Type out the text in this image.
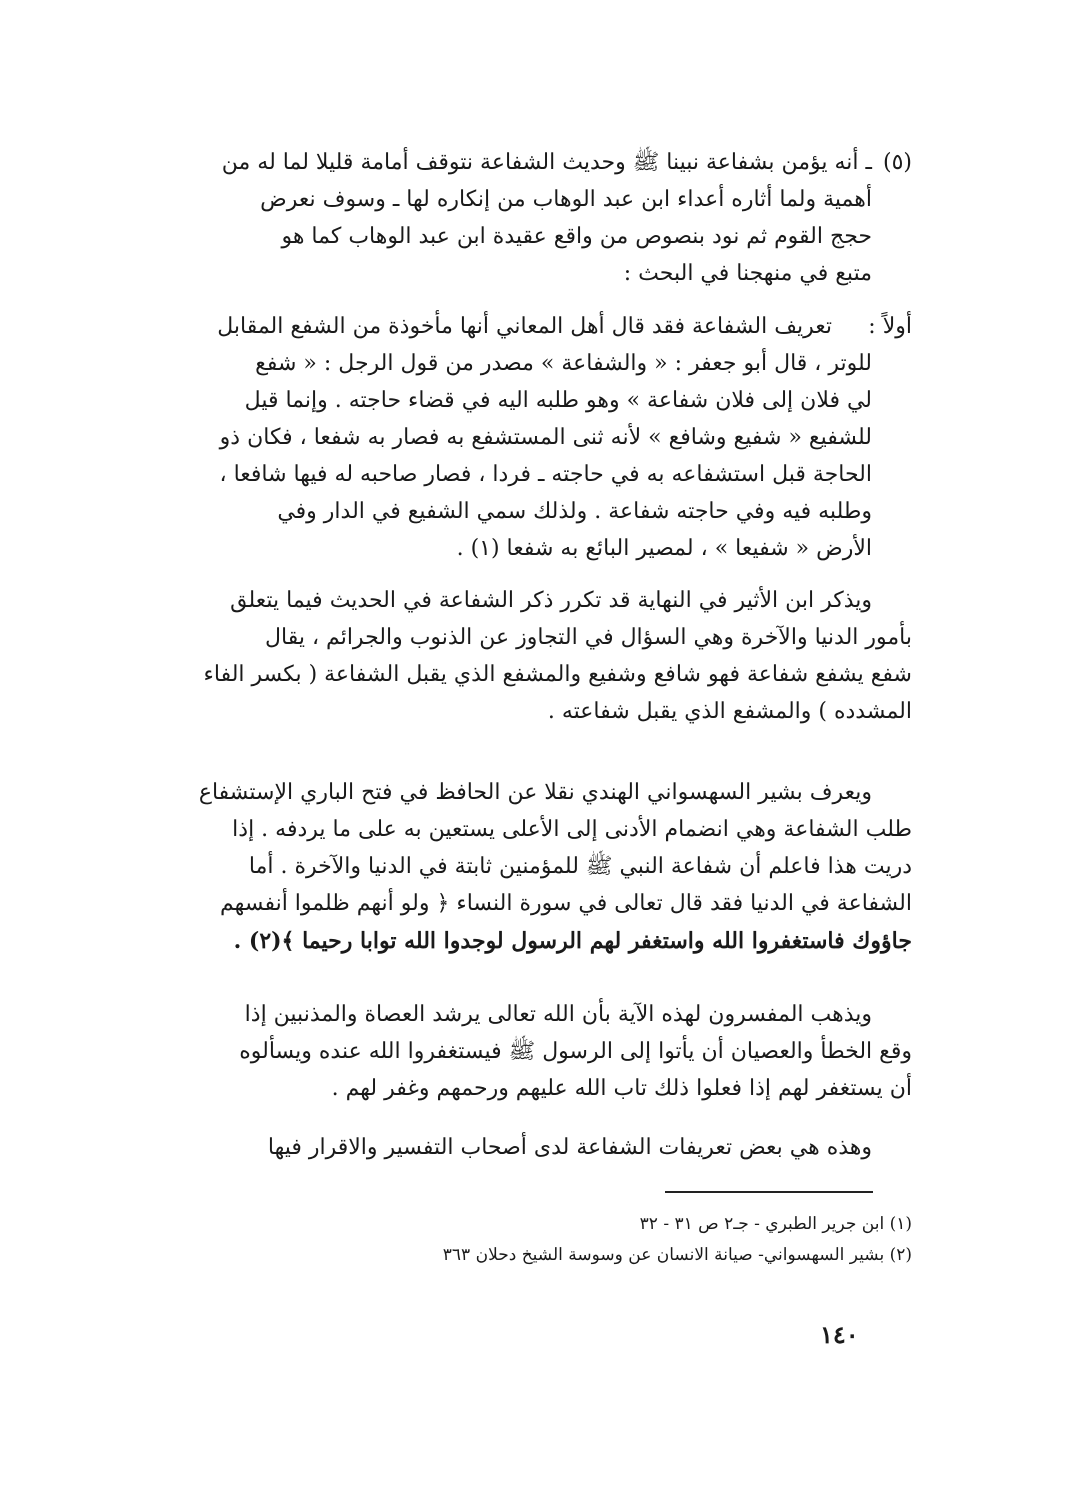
(٥)
ـ أنه يؤمن بشفاعة نبينا ﷺ وحديث الشفاعة نتوقف أمامة قليلا لما له من
أهمية ولما أثاره أعداء ابن عبد الوهاب من إنكاره لها ـ وسوف نعرض
حجج القوم ثم نود بنصوص من واقع عقيدة ابن عبد الوهاب كما هو
متبع في منهجنا في البحث :
أولاً :
تعريف الشفاعة فقد قال أهل المعاني أنها مأخوذة من الشفع المقابل
للوتر ، قال أبو جعفر : « والشفاعة » مصدر من قول الرجل : « شفع
لي فلان إلى فلان شفاعة » وهو طلبه اليه في قضاء حاجته . وإنما قيل
للشفيع « شفيع وشافع » لأنه ثنى المستشفع به فصار به شفعا ، فكان ذو
الحاجة قبل استشفاعه به في حاجته ـ فردا ، فصار صاحبه له فيها شافعا ،
وطلبه فيه وفي حاجته شفاعة . ولذلك سمي الشفيع في الدار وفي
الأرض « شفيعا » ، لمصير البائع به شفعا (١) .
ويذكر ابن الأثير في النهاية قد تكرر ذكر الشفاعة في الحديث فيما يتعلق
بأمور الدنيا والآخرة وهي السؤال في التجاوز عن الذنوب والجرائم ، يقال
شفع يشفع شفاعة فهو شافع وشفيع والمشفع الذي يقبل الشفاعة ( بكسر الفاء
المشدده ) والمشفع الذي يقبل شفاعته .
ويعرف بشير السهسواني الهندي نقلا عن الحافظ في فتح الباري الإستشفاع
طلب الشفاعة وهي انضمام الأدنى إلى الأعلى يستعين به على ما يردفه . إذا
دريت هذا فاعلم أن شفاعة النبي ﷺ للمؤمنين ثابتة في الدنيا والآخرة . أما
الشفاعة في الدنيا فقد قال تعالى في سورة النساء ﴿ ولو أنهم ظلموا أنفسهم
جاؤوك فاستغفروا الله واستغفر لهم الرسول لوجدوا الله توابا رحيما ﴾(٢) .
ويذهب المفسرون لهذه الآية بأن الله تعالى يرشد العصاة والمذنبين إذا
وقع الخطأ والعصيان أن يأتوا إلى الرسول ﷺ فيستغفروا الله عنده ويسألوه
أن يستغفر لهم إذا فعلوا ذلك تاب الله عليهم ورحمهم وغفر لهم .
وهذه هي بعض تعريفات الشفاعة لدى أصحاب التفسير والاقرار فيها
(١) ابن جرير الطبري - جـ٢ ص ٣١ - ٣٢
(٢) بشير السهسواني- صيانة الانسان عن وسوسة الشيخ دحلان ٣٦٣
١٤٠
